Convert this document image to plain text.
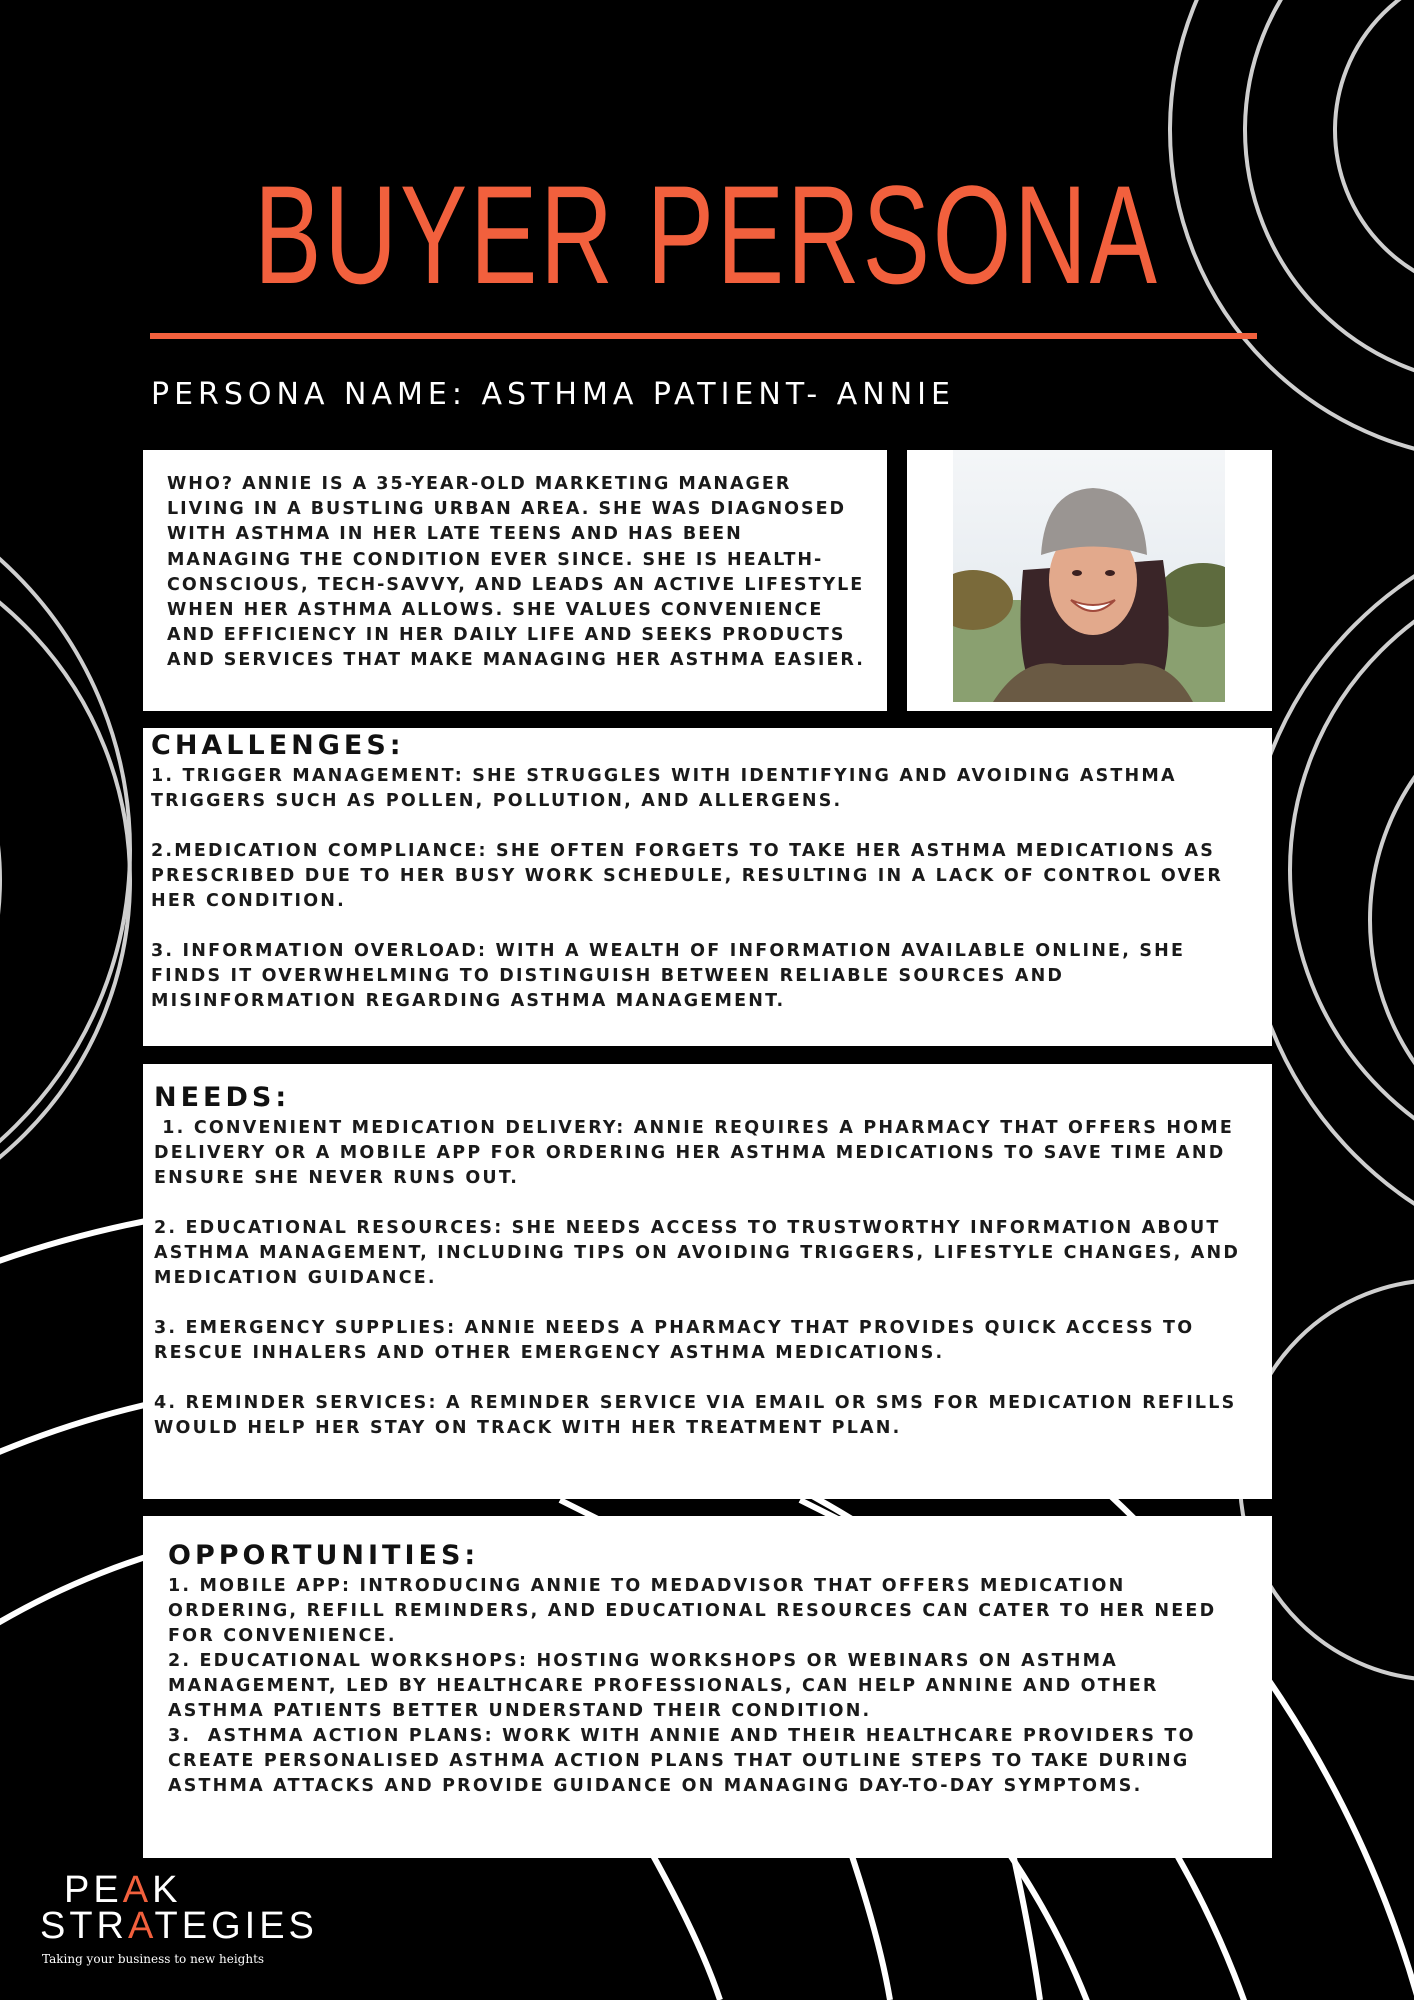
BUYER PERSONA
PERSONA NAME: ASTHMA PATIENT- ANNIE

WHO? ANNIE IS A 35-YEAR-OLD MARKETING MANAGER LIVING IN A BUSTLING URBAN AREA. SHE WAS DIAGNOSED WITH ASTHMA IN HER LATE TEENS AND HAS BEEN MANAGING THE CONDITION EVER SINCE. SHE IS HEALTH-CONSCIOUS, TECH-SAVVY, AND LEADS AN ACTIVE LIFESTYLE WHEN HER ASTHMA ALLOWS. SHE VALUES CONVENIENCE AND EFFICIENCY IN HER DAILY LIFE AND SEEKS PRODUCTS AND SERVICES THAT MAKE MANAGING HER ASTHMA EASIER.

CHALLENGES:

1. TRIGGER MANAGEMENT: SHE STRUGGLES WITH IDENTIFYING AND AVOIDING ASTHMA TRIGGERS SUCH AS POLLEN, POLLUTION, AND ALLERGENS.

2.MEDICATION COMPLIANCE: SHE OFTEN FORGETS TO TAKE HER ASTHMA MEDICATIONS AS PRESCRIBED DUE TO HER BUSY WORK SCHEDULE, RESULTING IN A LACK OF CONTROL OVER HER CONDITION.

3. INFORMATION OVERLOAD: WITH A WEALTH OF INFORMATION AVAILABLE ONLINE, SHE FINDS IT OVERWHELMING TO DISTINGUISH BETWEEN RELIABLE SOURCES AND MISINFORMATION REGARDING ASTHMA MANAGEMENT.

NEEDS:

1. CONVENIENT MEDICATION DELIVERY: ANNIE REQUIRES A PHARMACY THAT OFFERS HOME DELIVERY OR A MOBILE APP FOR ORDERING HER ASTHMA MEDICATIONS TO SAVE TIME AND ENSURE SHE NEVER RUNS OUT.

2. EDUCATIONAL RESOURCES: SHE NEEDS ACCESS TO TRUSTWORTHY INFORMATION ABOUT ASTHMA MANAGEMENT, INCLUDING TIPS ON AVOIDING TRIGGERS, LIFESTYLE CHANGES, AND MEDICATION GUIDANCE.

3. EMERGENCY SUPPLIES: ANNIE NEEDS A PHARMACY THAT PROVIDES QUICK ACCESS TO RESCUE INHALERS AND OTHER EMERGENCY ASTHMA MEDICATIONS.

4. REMINDER SERVICES: A REMINDER SERVICE VIA EMAIL OR SMS FOR MEDICATION REFILLS WOULD HELP HER STAY ON TRACK WITH HER TREATMENT PLAN.

OPPORTUNITIES:

1. MOBILE APP: INTRODUCING ANNIE TO MEDADVISOR THAT OFFERS MEDICATION ORDERING, REFILL REMINDERS, AND EDUCATIONAL RESOURCES CAN CATER TO HER NEED FOR CONVENIENCE.

2. EDUCATIONAL WORKSHOPS: HOSTING WORKSHOPS OR WEBINARS ON ASTHMA MANAGEMENT, LED BY HEALTHCARE PROFESSIONALS, CAN HELP ANNINE AND OTHER ASTHMA PATIENTS BETTER UNDERSTAND THEIR CONDITION.

3.  ASTHMA ACTION PLANS: WORK WITH ANNIE AND THEIR HEALTHCARE PROVIDERS TO CREATE PERSONALISED ASTHMA ACTION PLANS THAT OUTLINE STEPS TO TAKE DURING ASTHMA ATTACKS AND PROVIDE GUIDANCE ON MANAGING DAY-TO-DAY SYMPTOMS.

PEAK
STRATEGIES
Taking your business to new heights
